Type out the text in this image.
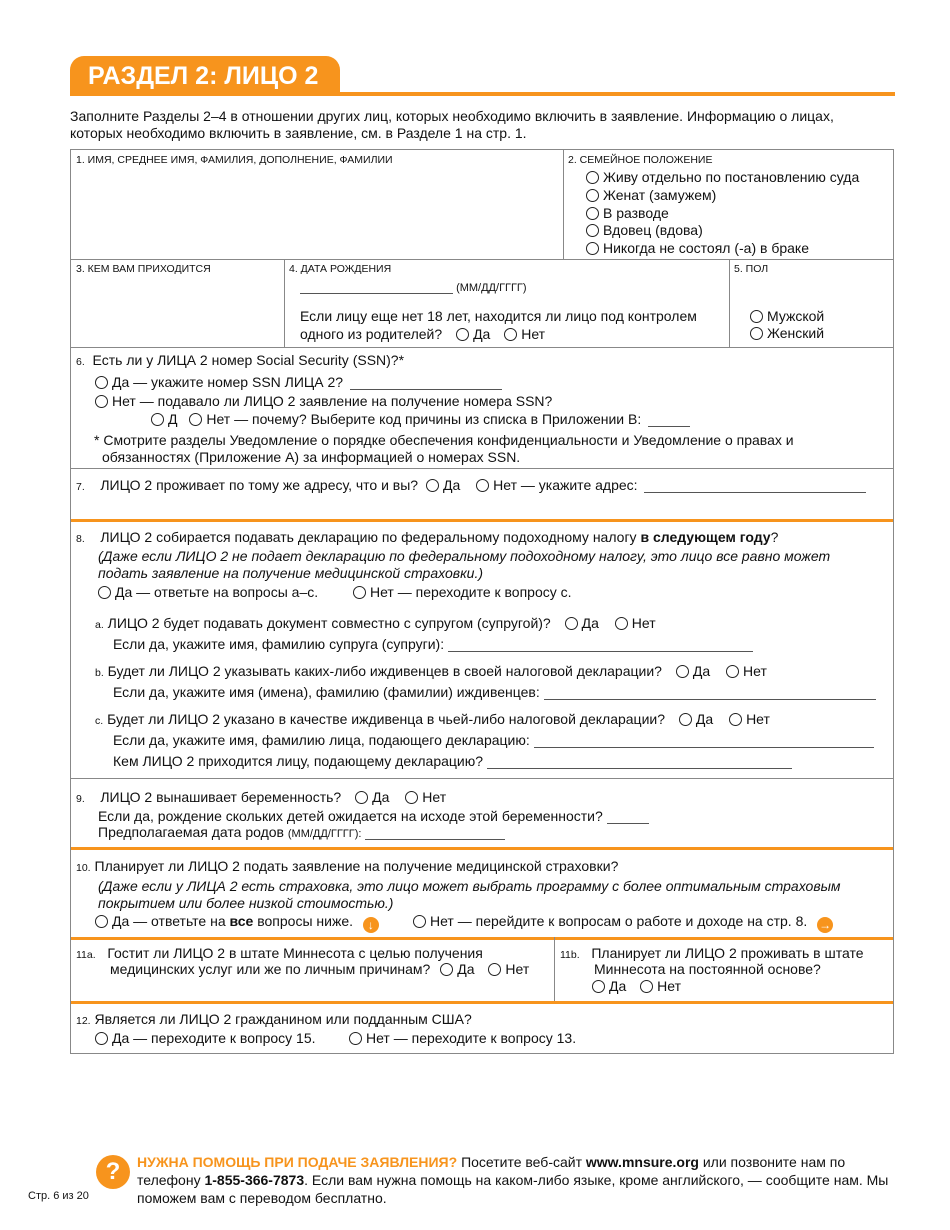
РАЗДЕЛ 2: ЛИЦО 2
Заполните Разделы 2–4 в отношении других лиц, которых необходимо включить в заявление. Информацию о лицах, которых необходимо включить в заявление, см. в Разделе 1 на стр. 1.
1. ИМЯ, СРЕДНЕЕ ИМЯ, ФАМИЛИЯ, ДОПОЛНЕНИЕ, ФАМИЛИИ	2. СЕМЕЙНОЕ ПОЛОЖЕНИЕ
Живу отдельно по постановлению суда
Женат (замужем)
В разводе
Вдовец (вдова)
Никогда не состоял (-а) в браке
3. КЕМ ВАМ ПРИХОДИТСЯ	4. ДАТА РОЖДЕНИЯ
(ММ/ДД/ГГГГ)
Если лицу еще нет 18 лет, находится ли лицо под контролем
одного из родителей? Да Нет
5. ПОЛ
Мужской
Женский
6. Есть ли у ЛИЦА 2 номер Social Security (SSN)?*
Да — укажите номер SSN ЛИЦА 2?
Нет — подавало ли ЛИЦО 2 заявление на получение номера SSN?
Д Нет — почему? Выберите код причины из списка в Приложении B:
* Смотрите разделы Уведомление о порядке обеспечения конфиденциальности и Уведомление о правах и
обязанностях (Приложение A) за информацией о номерах SSN.
7. ЛИЦО 2 проживает по тому же адресу, что и вы? Да Нет — укажите адрес:
8. ЛИЦО 2 собирается подавать декларацию по федеральному подоходному налогу в следующем году?
(Даже если ЛИЦО 2 не подает декларацию по федеральному подоходному налогу, это лицо все равно может
подать заявление на получение медицинской страховки.)
Да — ответьте на вопросы a–c.	Нет — переходите к вопросу c.
a. ЛИЦО 2 будет подавать документ совместно с супругом (супругой)? Да Нет
Если да, укажите имя, фамилию супруга (супруги):
b. Будет ли ЛИЦО 2 указывать каких-либо иждивенцев в своей налоговой декларации? Да Нет
Если да, укажите имя (имена), фамилию (фамилии) иждивенцев:
c. Будет ли ЛИЦО 2 указано в качестве иждивенца в чьей-либо налоговой декларации? Да Нет
Если да, укажите имя, фамилию лица, подающего декларацию:
Кем ЛИЦО 2 приходится лицу, подающему декларацию?
9. ЛИЦО 2 вынашивает беременность? Да Нет
Если да, рождение скольких детей ожидается на исходе этой беременности?
Предполагаемая дата родов (ММ/ДД/ГГГГ):
10. Планирует ли ЛИЦО 2 подать заявление на получение медицинской страховки?
(Даже если у ЛИЦА 2 есть страховка, это лицо может выбрать программу с более оптимальным страховым
покрытием или более низкой стоимостью.)
Да — ответьте на все вопросы ниже. ↓	Нет — перейдите к вопросам о работе и доходе на стр. 8. →
11a. Гостит ли ЛИЦО 2 в штате Миннесота с целью получения
медицинских услуг или же по личным причинам? Да Нет
11b. Планирует ли ЛИЦО 2 проживать в штате
Миннесота на постоянной основе?
Да Нет
12. Является ли ЛИЦО 2 гражданином или подданным США?
Да — переходите к вопросу 15.	Нет — переходите к вопросу 13.
?	НУЖНА ПОМОЩЬ ПРИ ПОДАЧЕ ЗАЯВЛЕНИЯ? Посетите веб-сайт www.mnsure.org или позвоните нам по телефону 1-855-366-7873. Если вам нужна помощь на каком-либо языке, кроме английского, — сообщите нам. Мы поможем вам с переводом бесплатно.
Стр. 6 из 20
